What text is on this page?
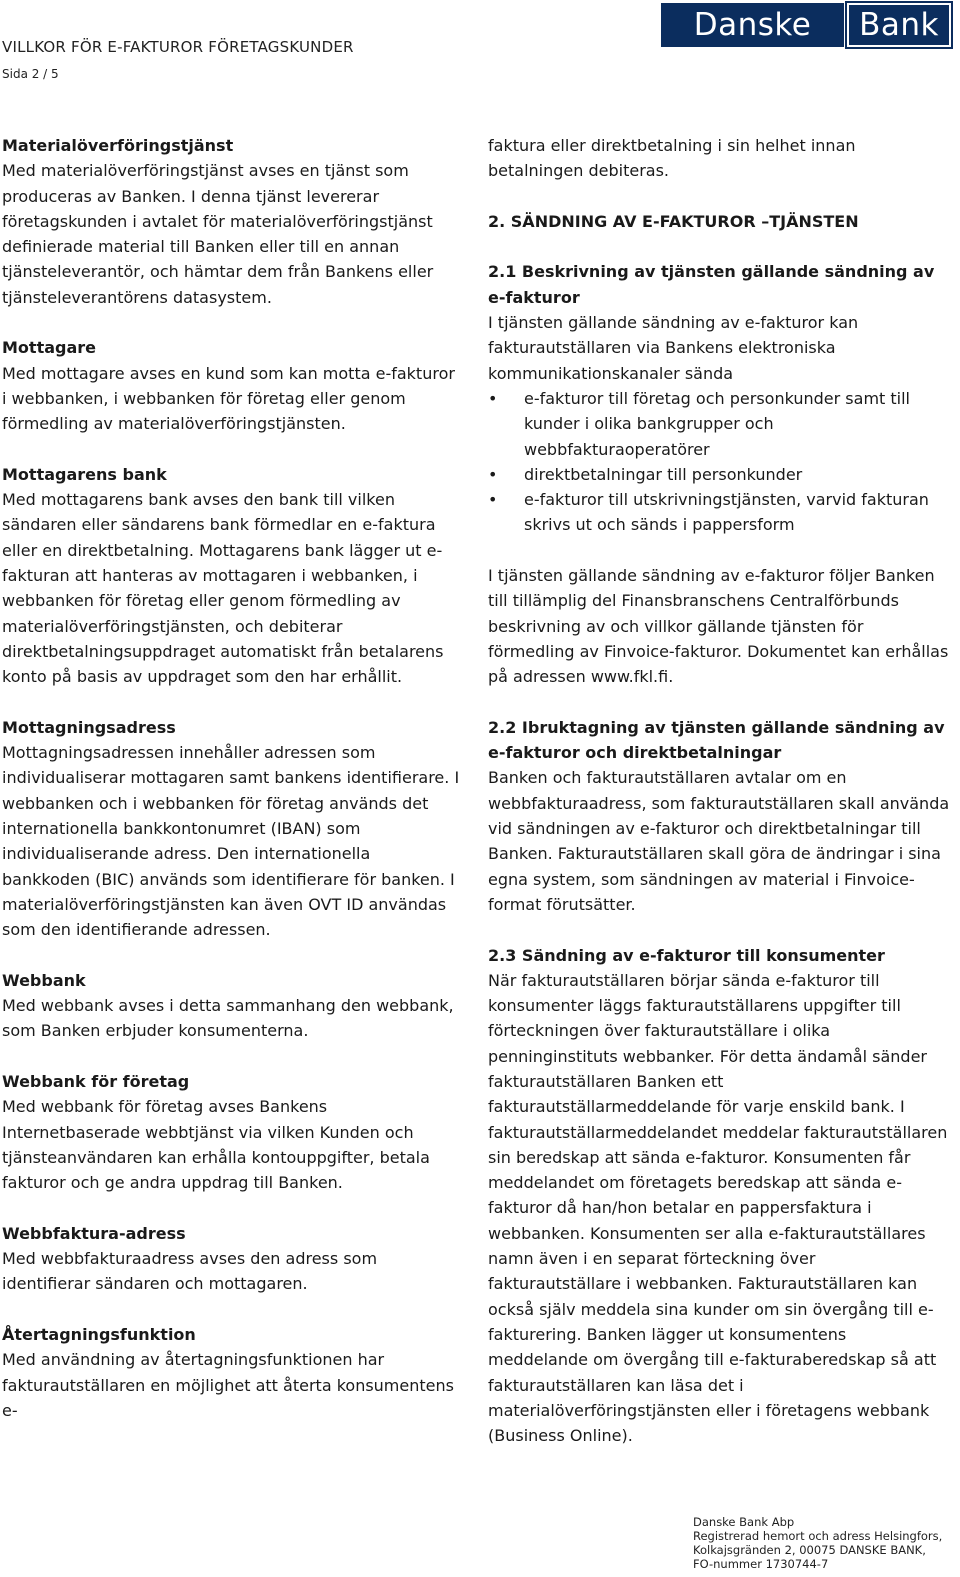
VILLKOR FÖR E-FAKTUROR FÖRETAGSKUNDER
Sida 2 / 5
Danske	Bank

Materialöverföringstjänst
Med materialöverföringstjänst avses en tjänst som produceras av Banken. I denna tjänst levererar företagskunden i avtalet för materialöverföringstjänst definierade material till Banken eller till en annan tjänsteleverantör, och hämtar dem från Bankens eller tjänsteleverantörens datasystem.

Mottagare
Med mottagare avses en kund som kan motta e-fakturor i webbanken, i webbanken för företag eller genom förmedling av materialöverföringstjänsten.

Mottagarens bank
Med mottagarens bank avses den bank till vilken sändaren eller sändarens bank förmedlar en e-faktura eller en direktbetalning. Mottagarens bank lägger ut e-fakturan att hanteras av mottagaren i webbanken, i webbanken för företag eller genom förmedling av materialöverföringstjänsten, och debiterar direktbetalningsuppdraget automatiskt från betalarens konto på basis av uppdraget som den har erhållit.

Mottagningsadress
Mottagningsadressen innehåller adressen som individualiserar mottagaren samt bankens identifierare. I webbanken och i webbanken för företag används det internationella bankkontonumret (IBAN) som individualiserande adress. Den internationella bankkoden (BIC) används som identifierare för banken. I materialöverföringstjänsten kan även OVT ID användas som den identifierande adressen.

Webbank
Med webbank avses i detta sammanhang den webbank, som Banken erbjuder konsumenterna.

Webbank för företag
Med webbank för företag avses Bankens Internetbaserade webbtjänst via vilken Kunden och tjänsteanvändaren kan erhålla kontouppgifter, betala fakturor och ge andra uppdrag till Banken.

Webbfaktura-adress
Med webbfakturaadress avses den adress som identifierar sändaren och mottagaren.

Återtagningsfunktion
Med användning av återtagningsfunktionen har fakturautställaren en möjlighet att återta konsumentens e-

faktura eller direktbetalning i sin helhet innan betalningen debiteras.

2. SÄNDNING AV E-FAKTUROR –TJÄNSTEN

2.1 Beskrivning av tjänsten gällande sändning av e-fakturor
I tjänsten gällande sändning av e-fakturor kan fakturautställaren via Bankens elektroniska kommunikationskanaler sända

• e-fakturor till företag och personkunder samt till kunder i olika bankgrupper och webbfakturaoperatörer
• direktbetalningar till personkunder
• e-fakturor till utskrivningstjänsten, varvid fakturan skrivs ut och sänds i pappersform

I tjänsten gällande sändning av e-fakturor följer Banken till tillämplig del Finansbranschens Centralförbunds beskrivning av och villkor gällande tjänsten för förmedling av Finvoice-fakturor. Dokumentet kan erhållas på adressen www.fkl.fi.

2.2 Ibruktagning av tjänsten gällande sändning av e-fakturor och direktbetalningar
Banken och fakturautställaren avtalar om en webbfakturaadress, som fakturautställaren skall använda vid sändningen av e-fakturor och direktbetalningar till Banken. Fakturautställaren skall göra de ändringar i sina egna system, som sändningen av material i Finvoice-format förutsätter.

2.3 Sändning av e-fakturor till konsumenter
När fakturautställaren börjar sända e-fakturor till konsumenter läggs fakturautställarens uppgifter till förteckningen över fakturautställare i olika penninginstituts webbanker. För detta ändamål sänder fakturautställaren Banken ett fakturautställarmeddelande för varje enskild bank. I fakturautställarmeddelandet meddelar fakturautställaren sin beredskap att sända e-fakturor. Konsumenten får meddelandet om företagets beredskap att sända e-fakturor då han/hon betalar en pappersfaktura i webbanken. Konsumenten ser alla e-fakturautställares namn även i en separat förteckning över fakturautställare i webbanken. Fakturautställaren kan också själv meddela sina kunder om sin övergång till e-fakturering. Banken lägger ut konsumentens meddelande om övergång till e-fakturaberedskap så att fakturautställaren kan läsa det i materialöverföringstjänsten eller i företagens webbank (Business Online).

Danske Bank Abp
Registrerad hemort och adress Helsingfors,
Kolkajsgränden 2, 00075 DANSKE BANK,
FO-nummer 1730744-7
